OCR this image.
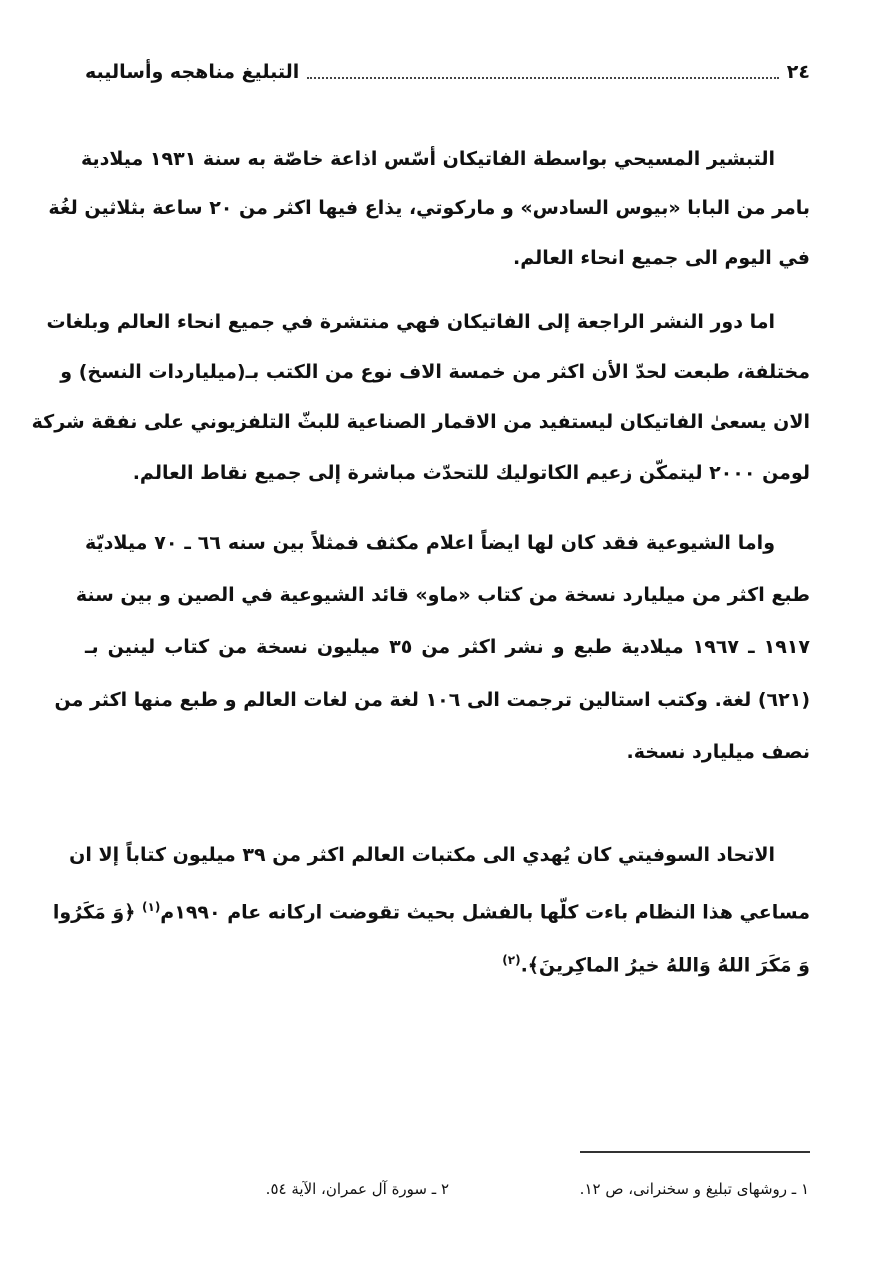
٢٤
التبليغ مناهجه وأساليبه
التبشير المسيحي بواسطة الفاتيكان أسّس اذاعة خاصّة به سنة ١٩٣١ ميلادية
بامر من البابا «بيوس السادس» و ماركوتي، يذاع فيها اكثر من ٢٠ ساعة بثلاثين لغُة
في اليوم الى جميع انحاء العالم.
اما دور النشر الراجعة إلى الفاتيكان فهي منتشرة في جميع انحاء العالم وبلغات
مختلفة، طبعت لحدّ الأن اكثر من خمسة الاف نوع من الكتب بـ(ميلياردات النسخ) و
الان يسعىٰ الفاتيكان ليستفيد من الاقمار الصناعية للبثّ التلفزيوني على نفقة شركة
لومن ٢٠٠٠ ليتمكّن زعيم الكاتوليك للتحدّث مباشرة إلى جميع نقاط العالم.
واما الشيوعية فقد كان لها ايضاً اعلام مكثف فمثلاً بين سنه ٦٦ ـ ٧٠ ميلاديّة
طبع اكثر من ميليارد نسخة من كتاب «ماو» قائد الشيوعية في الصين و بين سنة
١٩١٧ ـ ١٩٦٧ ميلادية طبع و نشر اكثر من ٣٥ ميليون نسخة من كتاب لينين بـ
(٦٢١) لغة. وكتب استالين ترجمت الى ١٠٦ لغة من لغات العالم و طبع منها اكثر من
نصف ميليارد نسخة.
الاتحاد السوفيتي كان يُهدي الى مكتبات العالم اكثر من ٣٩ ميليون كتاباً إلا ان
مساعي هذا النظام باءت كلّها بالفشل بحيث تقوضت اركانه عام ١٩٩٠م$^{(١)}$ ﴿وَ مَكَرُوا
وَ مَكَرَ اللهُ وَاللهُ خيرُ الماكِرينَ﴾.$^{(٢)}$
١ ـ روشهاى تبليغ و سخنرانى، ص ١٢.
٢ ـ سورة آل عمران، الآية ٥٤.
